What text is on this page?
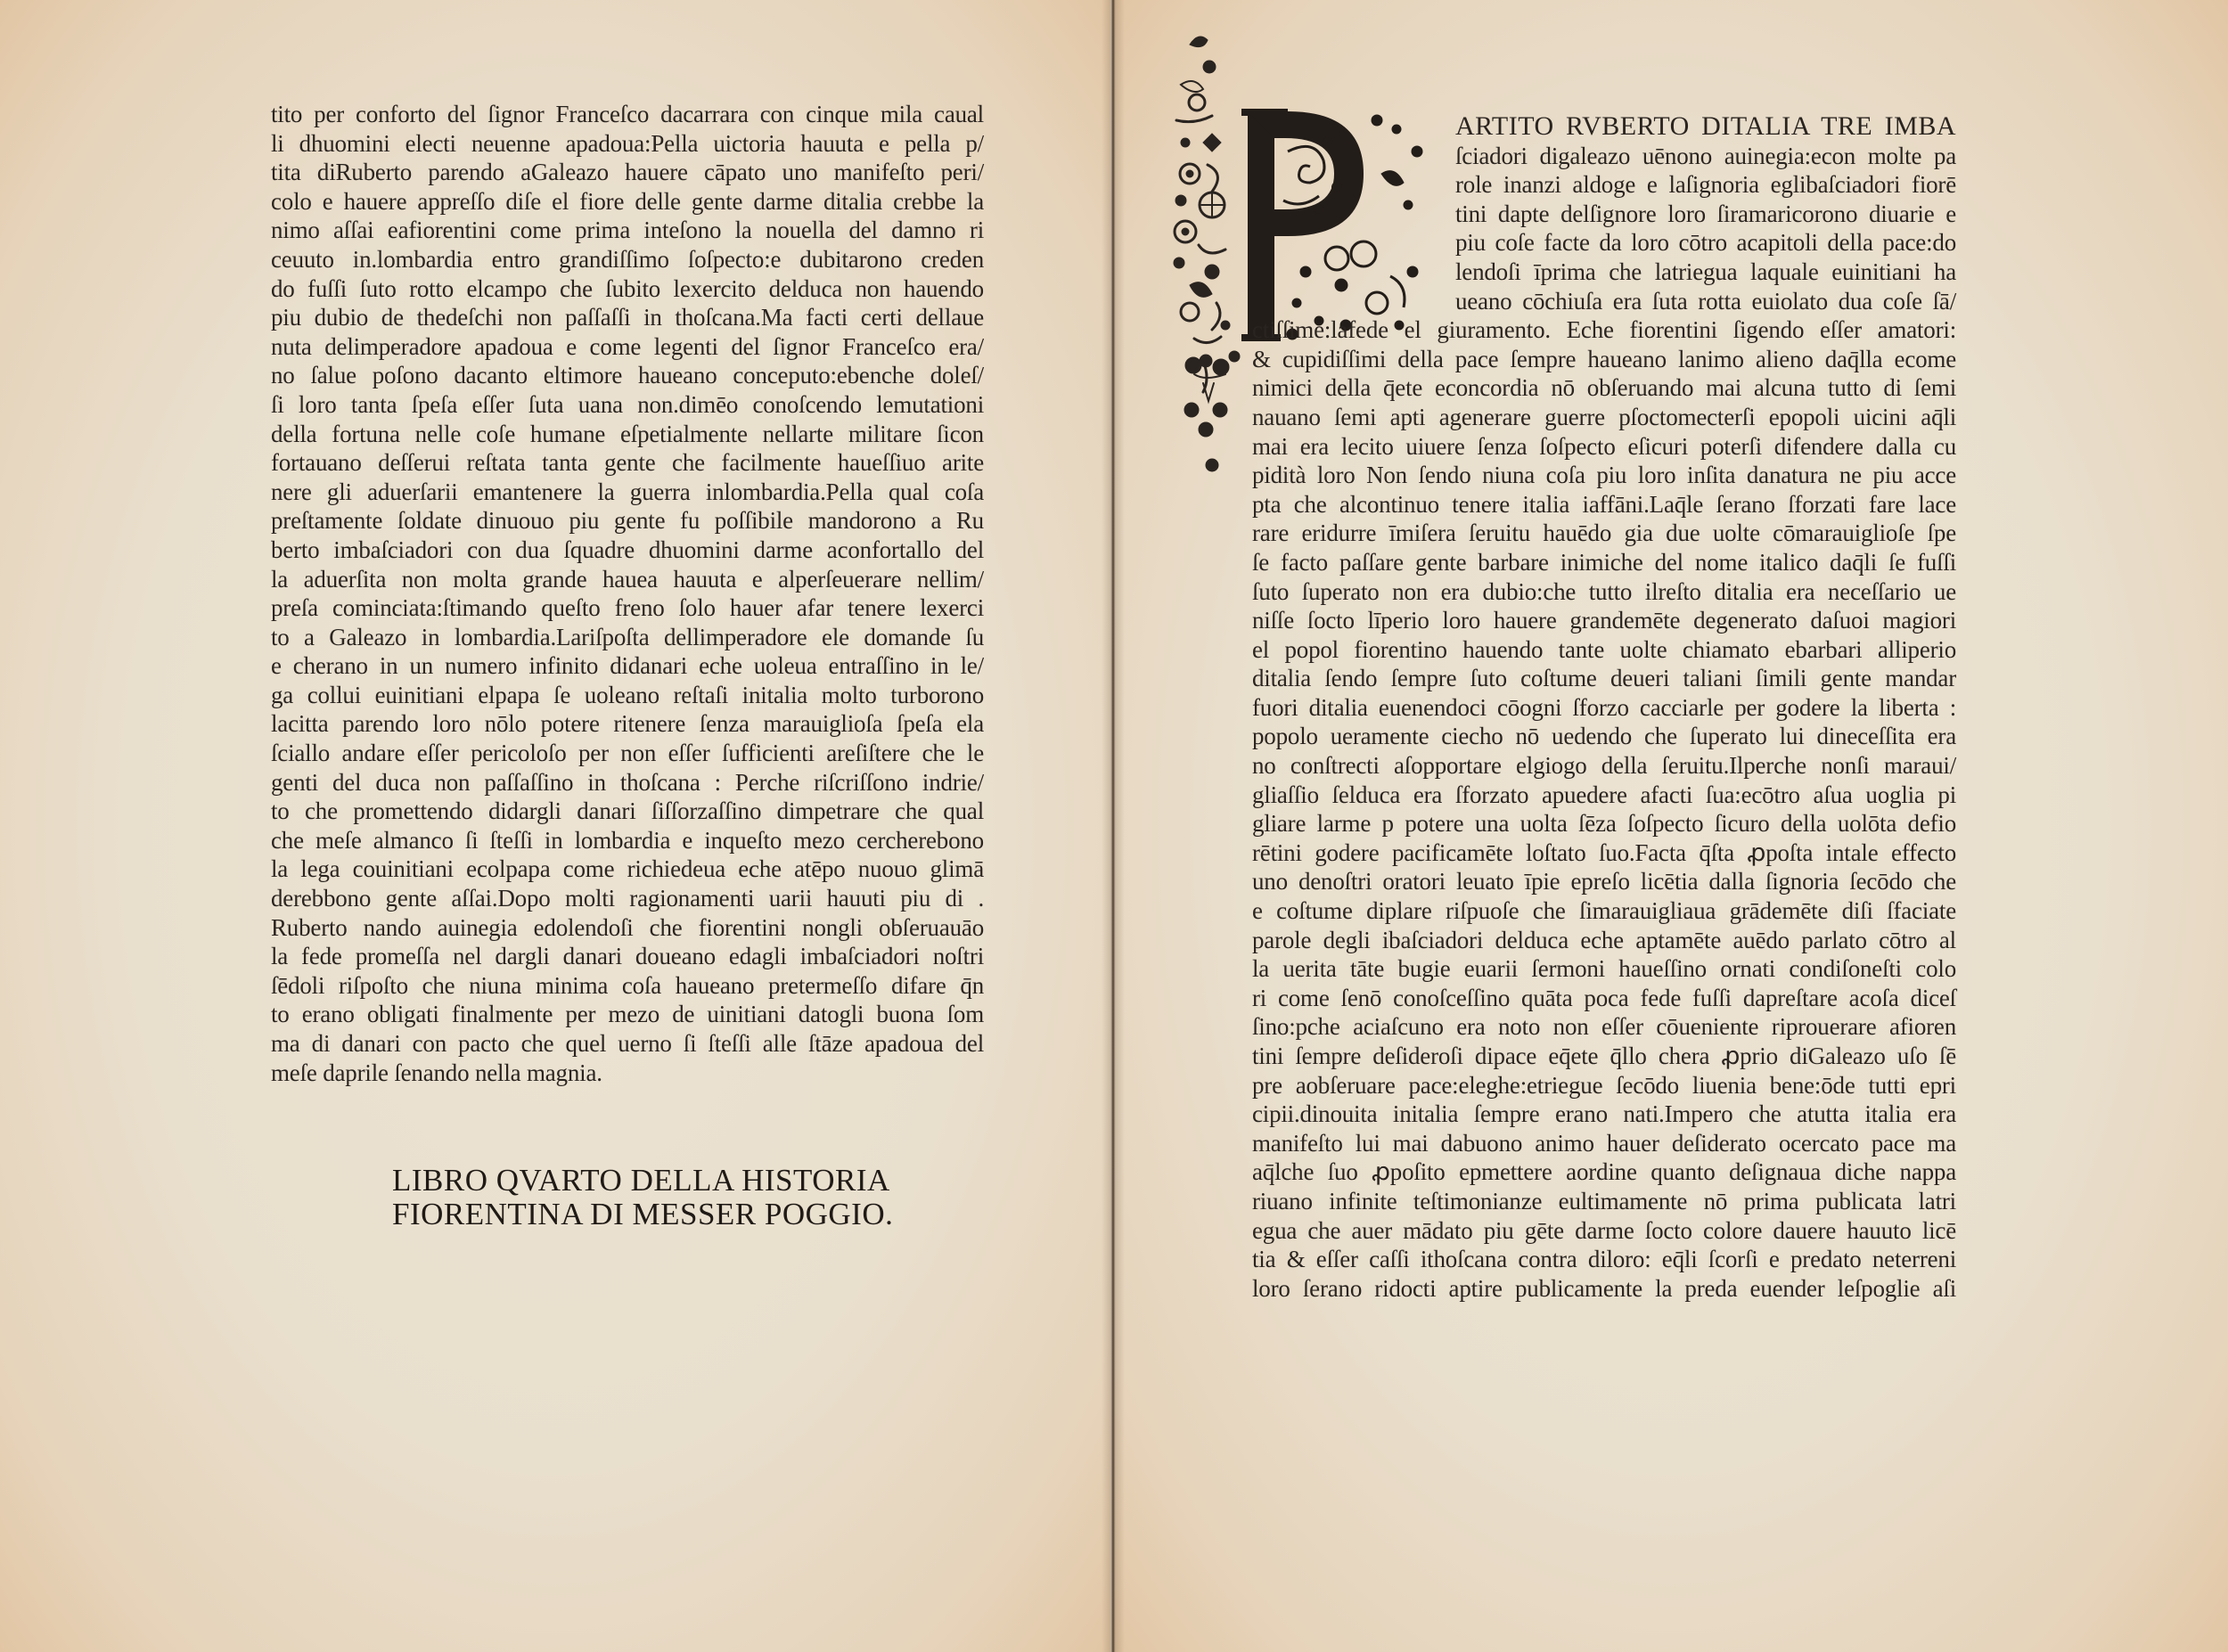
tito per conforto del ſignor Franceſco dacarrara con cinque mila caual
li dhuomini electi neuenne apadoua:Pella uictoria hauuta e pella p/
tita diRuberto parendo aGaleazo hauere cāpato uno manifeſto peri/
colo e hauere appreſſo diſe el fiore delle gente darme ditalia crebbe la
nimo aſſai eafiorentini come prima inteſono la nouella del damno ri
ceuuto in.lombardia entro grandiſſimo ſoſpecto:e dubitarono creden
do fuſſi ſuto rotto elcampo che ſubito lexercito delduca non hauendo
piu dubio de thedeſchi non paſſaſſi in thoſcana.Ma facti certi dellaue
nuta delimperadore apadoua e come legenti del ſignor Franceſco era/
no ſalue poſono dacanto eltimore haueano conceputo:ebenche doleſ/
ſi loro tanta ſpeſa eſſer ſuta uana non.dimēo conoſcendo lemutationi
della fortuna nelle coſe humane eſpetialmente nellarte militare ſicon
fortauano deſſerui reſtata tanta gente che facilmente haueſſiuo arite
nere gli aduerſarii emantenere la guerra inlombardia.Pella qual coſa
preſtamente ſoldate dinuouo piu gente fu poſſibile mandorono a Ru
berto imbaſciadori con dua ſquadre dhuomini darme aconfortallo del
la aduerſita non molta grande hauea hauuta e alperſeuerare nellim/
preſa cominciata:ſtimando queſto freno ſolo hauer afar tenere lexerci
to a Galeazo in lombardia.Lariſpoſta dellimperadore ele domande ſu
e cherano in un numero infinito didanari eche uoleua entraſſino in le/
ga collui euinitiani elpapa ſe uoleano reſtaſi initalia molto turborono
lacitta parendo loro nōlo potere ritenere ſenza marauiglioſa ſpeſa ela
ſciallo andare eſſer pericoloſo per non eſſer ſufficienti areſiſtere che le
genti del duca non paſſaſſino in thoſcana : Perche riſcriſſono indrie/
to che promettendo didargli danari ſiſſorzaſſino dimpetrare che qual
che meſe almanco ſi ſteſſi in lombardia e inqueſto mezo cercherebono
la lega couinitiani ecolpapa come richiedeua eche atēpo nuouo glimā
derebbono gente aſſai.Dopo molti ragionamenti uarii hauuti piu di .
Ruberto nando auinegia edolendoſi che fiorentini nongli obſeruauāo
la fede promeſſa nel dargli danari doueano edagli imbaſciadori noſtri
ſēdoli riſpoſto che niuna minima coſa haueano pretermeſſo difare q̄n
to erano obligati finalmente per mezo de uinitiani datogli buona ſom
ma di danari con pacto che quel uerno ſi ſteſſi alle ſtāze apadoua del
meſe daprile ſenando nella magnia.
LIBRO QVARTO DELLA HISTORIA
FIORENTINA DI MESSER POGGIO.
ARTITO RVBERTO DITALIA TRE IMBA
ſciadori digaleazo uēnono auinegia:econ molte pa
role inanzi aldoge e laſignoria eglibaſciadori fiorē
tini dapte delſignore loro ſiramaricorono diuarie e
piu coſe facte da loro cōtro acapitoli della pace:do
lendoſi īprima che latriegua laquale euinitiani ha
ueano cōchiuſa era ſuta rotta euiolato dua coſe ſā/
ctiſſime:lafede el giuramento. Eche fiorentini ſigendo eſſer amatori:
& cupidiſſimi della pace ſempre haueano lanimo alieno daq̄lla ecome
nimici della q̄ete econcordia nō obſeruando mai alcuna tutto di ſemi
nauano ſemi apti agenerare guerre pſoctomecterſi epopoli uicini aq̄li
mai era lecito uiuere ſenza ſoſpecto eſicuri poterſi difendere dalla cu
pidità loro Non ſendo niuna coſa piu loro inſita danatura ne piu acce
pta che alcontinuo tenere italia iaffāni.Laq̄le ſerano ſforzati fare lace
rare eridurre īmiſera ſeruitu hauēdo gia due uolte cōmarauiglioſe ſpe
ſe facto paſſare gente barbare inimiche del nome italico daq̄li ſe fuſſi
ſuto ſuperato non era dubio:che tutto ilreſto ditalia era neceſſario ue
niſſe ſocto līperio loro hauere grandemēte degenerato daſuoi magiori
el popol fiorentino hauendo tante uolte chiamato ebarbari alliperio
ditalia ſendo ſempre ſuto coſtume deueri taliani ſimili gente mandar
fuori ditalia euenendoci cōogni ſforzo cacciarle per godere la liberta :
popolo ueramente ciecho nō uedendo che ſuperato lui dineceſſita era
no conſtrecti aſopportare elgiogo della ſeruitu.Ilperche nonſi maraui/
gliaſſio ſelduca era ſforzato apuedere afacti ſua:ecōtro aſua uoglia pi
gliare larme p potere una uolta ſēza ſoſpecto ſicuro della uolōta defio
rētini godere pacificamēte loſtato ſuo.Facta q̄ſta ꝓpoſta intale effecto
uno denoſtri oratori leuato īpie epreſo licētia dalla ſignoria ſecōdo che
e coſtume diplare riſpuoſe che ſimarauigliaua grādemēte diſi ſfaciate
parole degli ibaſciadori delduca eche aptamēte auēdo parlato cōtro al
la uerita tāte bugie euarii ſermoni haueſſino ornati condiſoneſti colo
ri come ſenō conoſceſſino quāta poca fede fuſſi dapreſtare acoſa diceſ
ſino:pche aciaſcuno era noto non eſſer cōueniente riprouerare afioren
tini ſempre deſideroſi dipace eq̄ete q̄llo chera ꝓprio diGaleazo uſo ſē
pre aobſeruare pace:eleghe:etriegue ſecōdo liuenia bene:ōde tutti epri
cipii.dinouita initalia ſempre erano nati.Impero che atutta italia era
manifeſto lui mai dabuono animo hauer deſiderato ocercato pace ma
aq̄lche ſuo ꝓpoſito epmettere aordine quanto deſignaua diche nappa
riuano infinite teſtimonianze eultimamente nō prima publicata latri
egua che auer mādato piu gēte darme ſocto colore dauere hauuto licē
tia & eſſer caſſi ithoſcana contra diloro: eq̄li ſcorſi e predato neterreni
loro ſerano ridocti aptire publicamente la preda euender leſpoglie aſi
